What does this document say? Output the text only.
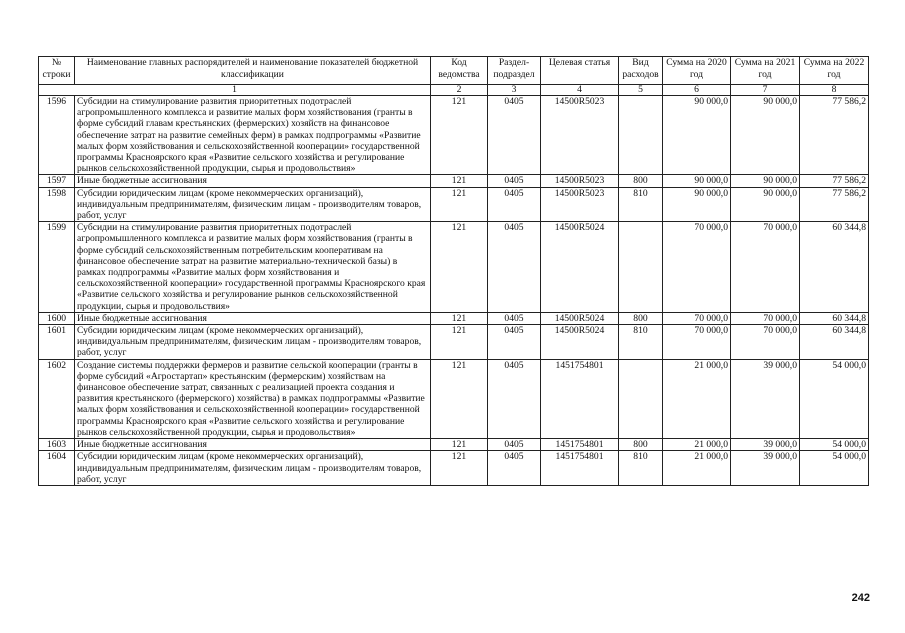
№ строки	Наименование главных распорядителей и наименование показателей бюджетной классификации	Код ведомства	Раздел-подраздел	Целевая статья	Вид расходов	Сумма на 2020 год	Сумма на 2021 год	Сумма на 2022 год
1		2	3	4	5	6	7	8
1596	Субсидии на стимулирование развития приоритетных подотраслей агропромышленного комплекса и развитие малых форм хозяйствования (гранты в форме субсидий главам крестьянских (фермерских) хозяйств на финансовое обеспечение затрат на развитие семейных ферм) в рамках подпрограммы «Развитие малых форм хозяйствования и сельскохозяйственной кооперации» государственной программы Красноярского края «Развитие сельского хозяйства и регулирование рынков сельскохозяйственной продукции, сырья и продовольствия»	121	0405	14500R5023		90 000,0	90 000,0	77 586,2
1597	Иные бюджетные ассигнования	121	0405	14500R5023	800	90 000,0	90 000,0	77 586,2
1598	Субсидии юридическим лицам (кроме некоммерческих организаций), индивидуальным предпринимателям, физическим лицам - производителям товаров, работ, услуг	121	0405	14500R5023	810	90 000,0	90 000,0	77 586,2
1599	Субсидии на стимулирование развития приоритетных подотраслей агропромышленного комплекса и развитие малых форм хозяйствования (гранты в форме субсидий сельскохозяйственным потребительским кооперативам на финансовое обеспечение затрат на развитие материально-технической базы) в рамках подпрограммы «Развитие малых форм хозяйствования и сельскохозяйственной кооперации» государственной программы Красноярского края «Развитие сельского хозяйства и регулирование рынков сельскохозяйственной продукции, сырья и продовольствия»	121	0405	14500R5024		70 000,0	70 000,0	60 344,8
1600	Иные бюджетные ассигнования	121	0405	14500R5024	800	70 000,0	70 000,0	60 344,8
1601	Субсидии юридическим лицам (кроме некоммерческих организаций), индивидуальным предпринимателям, физическим лицам - производителям товаров, работ, услуг	121	0405	14500R5024	810	70 000,0	70 000,0	60 344,8
1602	Создание системы поддержки фермеров и развитие сельской кооперации (гранты в форме субсидий «Агростартап» крестьянским (фермерским) хозяйствам на финансовое обеспечение затрат, связанных с реализацией проекта создания и развития крестьянского (фермерского) хозяйства) в рамках подпрограммы «Развитие малых форм хозяйствования и сельскохозяйственной кооперации» государственной программы Красноярского края «Развитие сельского хозяйства и регулирование рынков сельскохозяйственной продукции, сырья и продовольствия»	121	0405	1451754801		21 000,0	39 000,0	54 000,0
1603	Иные бюджетные ассигнования	121	0405	1451754801	800	21 000,0	39 000,0	54 000,0
1604	Субсидии юридическим лицам (кроме некоммерческих организаций), индивидуальным предпринимателям, физическим лицам - производителям товаров, работ, услуг	121	0405	1451754801	810	21 000,0	39 000,0	54 000,0
242
